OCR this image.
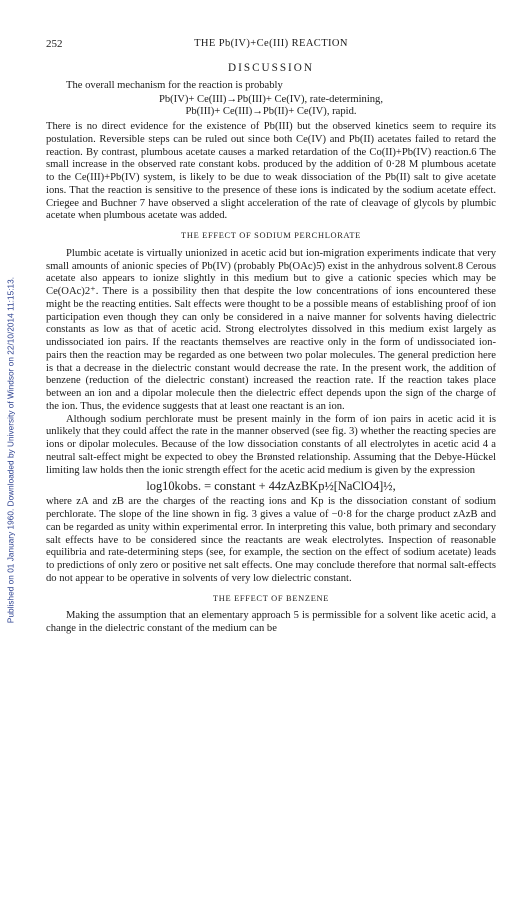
Published on 01 January 1960. Downloaded by University of Windsor on 22/10/2014 11:15:13.
252	THE Pb(IV)+Ce(III) REACTION
DISCUSSION

The overall mechanism for the reaction is probably

Pb(IV)+ Ce(III)→Pb(III)+ Ce(IV), rate-determining,

Pb(III)+ Ce(III)→Pb(II)+ Ce(IV), rapid.

There is no direct evidence for the existence of Pb(III) but the observed kinetics seem to require its postulation. Reversible steps can be ruled out since both Ce(IV) and Pb(II) acetates failed to retard the reaction. By contrast, plumbous acetate causes a marked retardation of the Co(II)+Pb(IV) reaction.6 The small increase in the observed rate constant kobs. produced by the addition of 0·28 M plumbous acetate to the Ce(III)+Pb(IV) system, is likely to be due to weak dissociation of the Pb(II) salt to give acetate ions. That the reaction is sensitive to the presence of these ions is indicated by the sodium acetate effect. Criegee and Buchner 7 have observed a slight acceleration of the rate of cleavage of glycols by plumbic acetate when plumbous acetate was added.

THE EFFECT OF SODIUM PERCHLORATE

Plumbic acetate is virtually unionized in acetic acid but ion-migration experiments indicate that very small amounts of anionic species of Pb(IV) (probably Pb(OAc)5̄) exist in the anhydrous solvent.8 Cerous acetate also appears to ionize slightly in this medium but to give a cationic species which may be Ce(OAc)2⁺. There is a possibility then that despite the low concentrations of ions encountered these might be the reacting entities. Salt effects were thought to be a possible means of establishing proof of ion participation even though they can only be considered in a naive manner for solvents having dielectric constants as low as that of acetic acid. Strong electrolytes dissolved in this medium exist largely as undissociated ion pairs. If the reactants themselves are reactive only in the form of undissociated ion-pairs then the reaction may be regarded as one between two polar molecules. The general prediction here is that a decrease in the dielectric constant would decrease the rate. In the present work, the addition of benzene (reduction of the dielectric constant) increased the reaction rate. If the reaction takes place between an ion and a dipolar molecule then the dielectric effect depends upon the sign of the charge of the ion. Thus, the evidence suggests that at least one reactant is an ion.

Although sodium perchlorate must be present mainly in the form of ion pairs in acetic acid it is unlikely that they could affect the rate in the manner observed (see fig. 3) whether the reacting species are ions or dipolar molecules. Because of the low dissociation constants of all electrolytes in acetic acid 4 a neutral salt-effect might be expected to obey the Brønsted relationship. Assuming that the Debye-Hückel limiting law holds then the ionic strength effect for the acetic acid medium is given by the expression

log10kobs. = constant + 44zAzBKp½[NaClO4]½,

where zA and zB are the charges of the reacting ions and Kp is the dissociation constant of sodium perchlorate. The slope of the line shown in fig. 3 gives a value of −0·8 for the charge product zAzB and can be regarded as unity within experimental error. In interpreting this value, both primary and secondary salt effects have to be considered since the reactants are weak electrolytes. Inspection of reasonable equilibria and rate-determining steps (see, for example, the section on the effect of sodium acetate) leads to predictions of only zero or positive net salt effects. One may conclude therefore that normal salt-effects do not appear to be operative in solvents of very low dielectric constant.

THE EFFECT OF BENZENE

Making the assumption that an elementary approach 5 is permissible for a solvent like acetic acid, a change in the dielectric constant of the medium can be
